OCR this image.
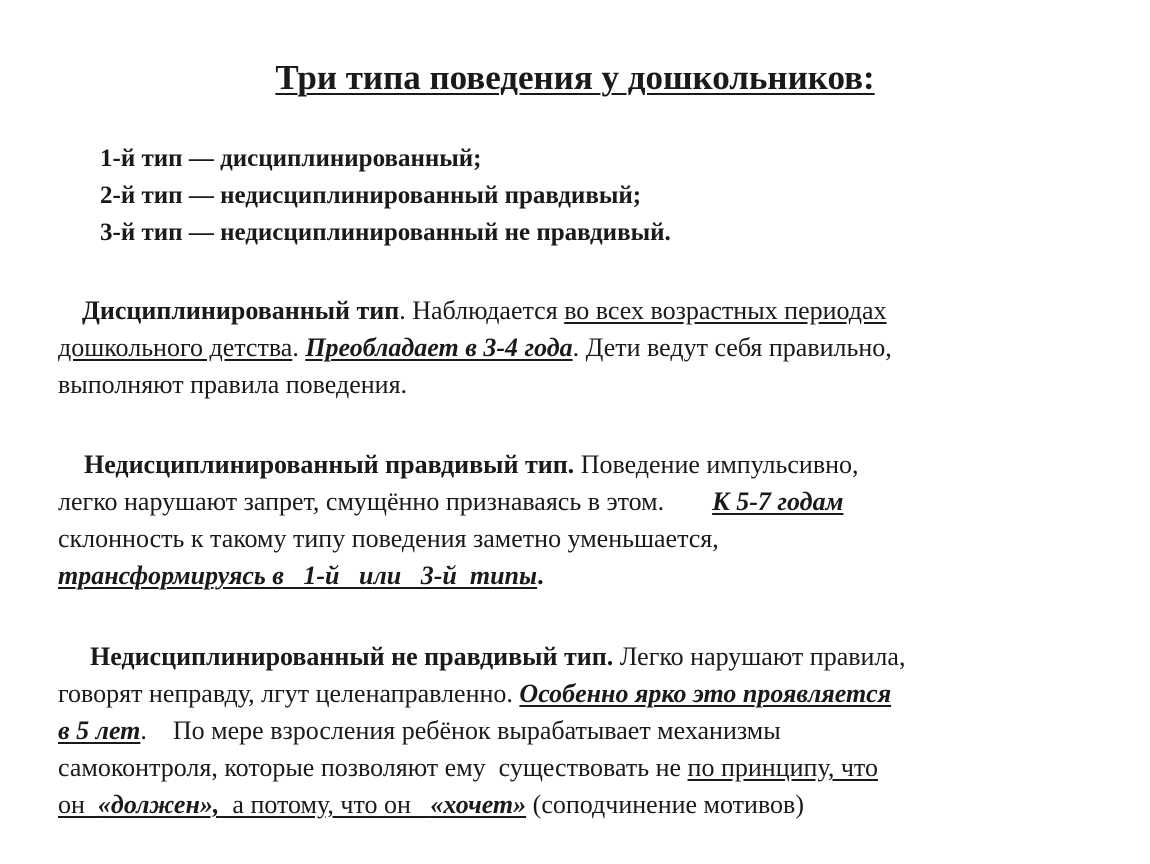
Три типа поведения у дошкольников:
1-й тип — дисциплинированный;
2-й тип — недисциплинированный правдивый;
3-й тип — недисциплинированный не правдивый.
Дисциплинированный тип. Наблюдается во всех возрастных периодах
дошкольного детства. Преобладает в 3-4 года. Дети ведут себя правильно,
выполняют правила поведения.
Недисциплинированный правдивый тип. Поведение импульсивно,
легко нарушают запрет, смущённо признаваясь в этом. К 5-7 годам
склонность к такому типу поведения заметно уменьшается,
трансформируясь в   1-й   или   3-й  типы.
Недисциплинированный не правдивый тип. Легко нарушают правила,
говорят неправду, лгут целенаправленно. Особенно ярко это проявляется
в 5 лет.    По мере взросления ребёнок вырабатывает механизмы
самоконтроля, которые позволяют ему  существовать не по принципу, что
он  «должен»,  а потому, что он   «хочет» (соподчинение мотивов)
